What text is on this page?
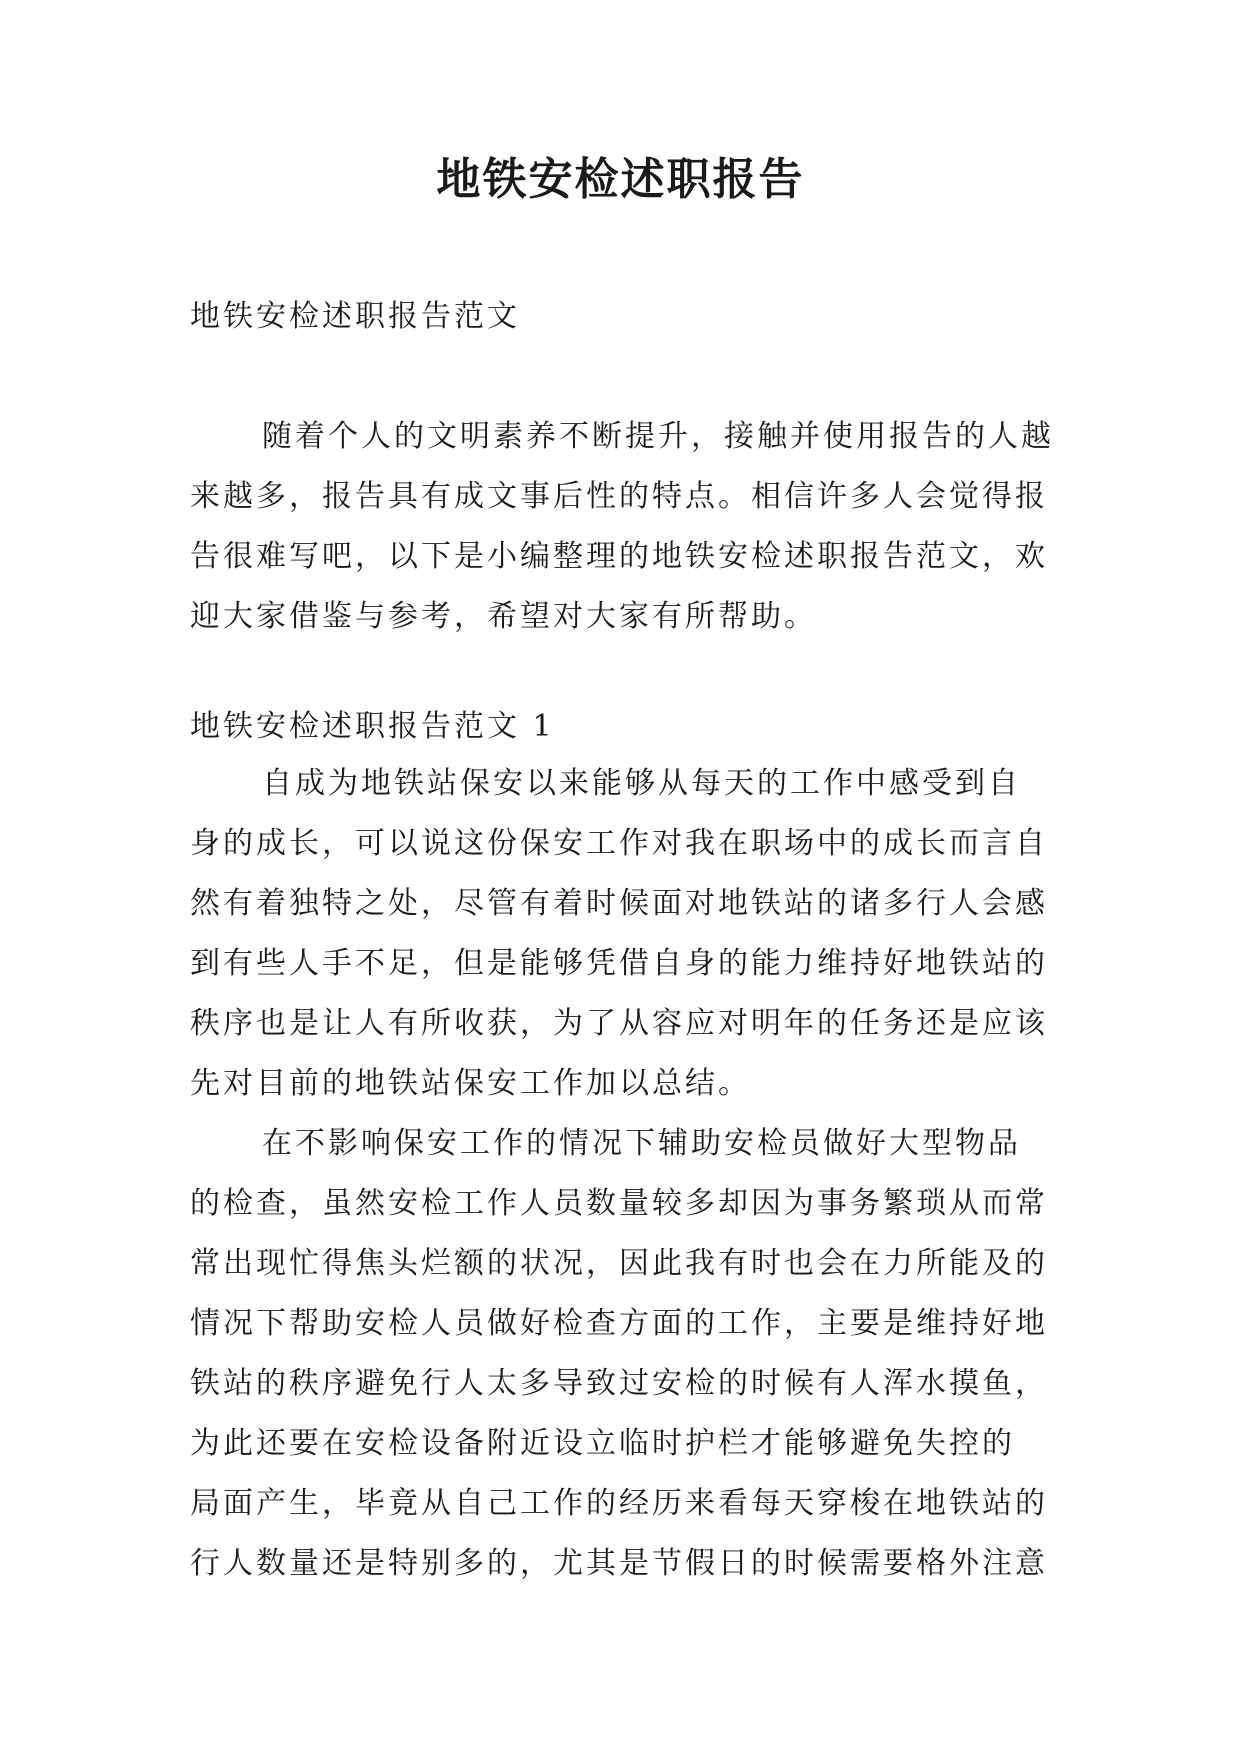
地铁安检述职报告
地铁安检述职报告范文
随着个人的文明素养不断提升，接触并使用报告的人越
来越多，报告具有成文事后性的特点。相信许多人会觉得报
告很难写吧，以下是小编整理的地铁安检述职报告范文，欢
迎大家借鉴与参考，希望对大家有所帮助。
地铁安检述职报告范文 1
自成为地铁站保安以来能够从每天的工作中感受到自
身的成长，可以说这份保安工作对我在职场中的成长而言自
然有着独特之处，尽管有着时候面对地铁站的诸多行人会感
到有些人手不足，但是能够凭借自身的能力维持好地铁站的
秩序也是让人有所收获，为了从容应对明年的任务还是应该
先对目前的地铁站保安工作加以总结。
在不影响保安工作的情况下辅助安检员做好大型物品
的检查，虽然安检工作人员数量较多却因为事务繁琐从而常
常出现忙得焦头烂额的状况，因此我有时也会在力所能及的
情况下帮助安检人员做好检查方面的工作，主要是维持好地
铁站的秩序避免行人太多导致过安检的时候有人浑水摸鱼，
为此还要在安检设备附近设立临时护栏才能够避免失控的
局面产生，毕竟从自己工作的经历来看每天穿梭在地铁站的
行人数量还是特别多的，尤其是节假日的时候需要格外注意
